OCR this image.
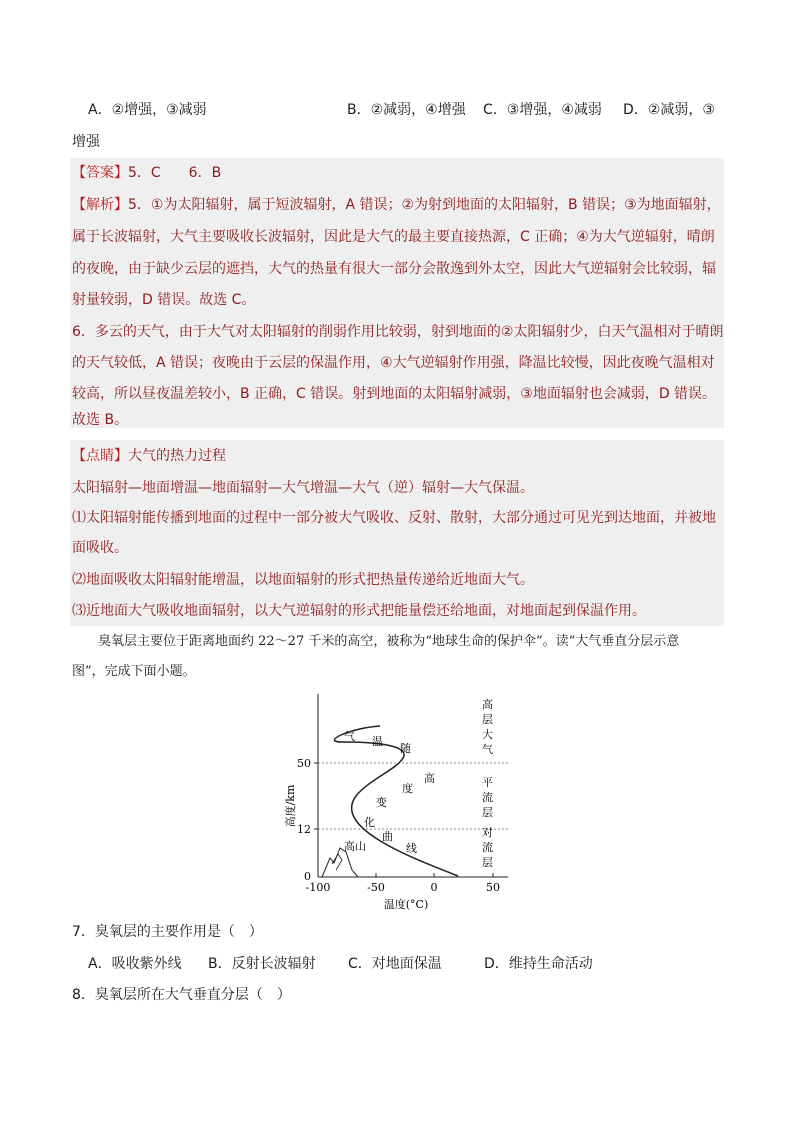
A．②增强，③减弱	B．②减弱，④增强 C．③增强，④减弱 D．②减弱，③
增强
【答案】5．C　　6．B
【解析】5．①为太阳辐射，属于短波辐射，A 错误；②为射到地面的太阳辐射，B 错误；③为地面辐射，
属于长波辐射，大气主要吸收长波辐射，因此是大气的最主要直接热源，C 正确；④为大气逆辐射，晴朗
的夜晚，由于缺少云层的遮挡，大气的热量有很大一部分会散逸到外太空，因此大气逆辐射会比较弱，辐
射量较弱，D 错误。故选 C。
6．多云的天气，由于大气对太阳辐射的削弱作用比较弱，射到地面的②太阳辐射少，白天气温相对于晴朗
的天气较低，A 错误；夜晚由于云层的保温作用，④大气逆辐射作用强，降温比较慢，因此夜晚气温相对
较高，所以昼夜温差较小，B 正确，C 错误。射到地面的太阳辐射减弱，③地面辐射也会减弱，D 错误。
故选 B。
【点睛】大气的热力过程
太阳辐射—地面增温—地面辐射—大气增温—大气（逆）辐射—大气保温。
⑴太阳辐射能传播到地面的过程中一部分被大气吸收、反射、散射，大部分通过可见光到达地面，并被地
面吸收。
⑵地面吸收太阳辐射能增温，以地面辐射的形式把热量传递给近地面大气。
⑶近地面大气吸收地面辐射，以大气逆辐射的形式把能量偿还给地面，对地面起到保温作用。
臭氧层主要位于距离地面约 22～27 千米的高空，被称为“地球生命的保护伞”。读“大气垂直分层示意
图”，完成下面小题。
50
12
0
-100	-50	0	50
温度(°C)
高度/km
高山
气 温
随
高
度
变
化
曲
线
高
层
大
气
平
流
层
对
流
层
7．臭氧层的主要作用是（　）
A．吸收紫外线 B．反射长波辐射 C．对地面保温	D．维持生命活动
8．臭氧层所在大气垂直分层（　）
